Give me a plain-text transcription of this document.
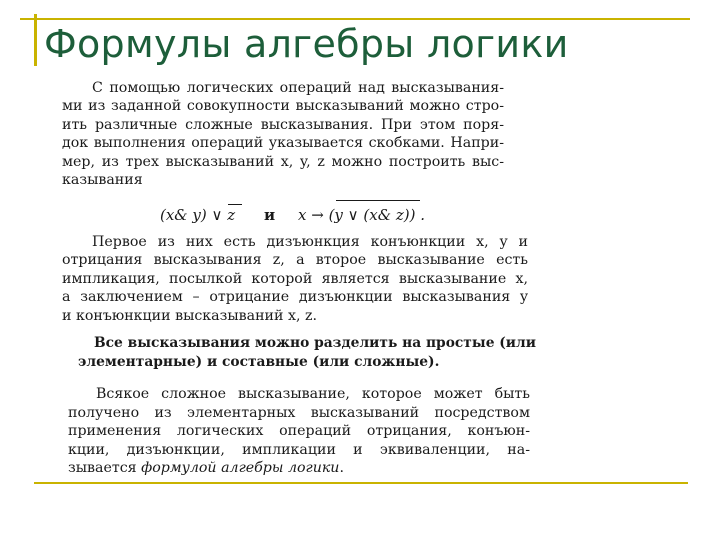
Формулы алгебры логики
С помощью логических операций над высказывания-
ми из заданной совокупности высказываний можно стро-
ить различные сложные высказывания. При этом поря-
док выполнения операций указывается скобками. Напри-
мер, из трех высказываний x, y, z можно построить выс-
казывания
(x& y) ∨ z и x → (y ∨ (x& z)) .
Первое из них есть дизъюнкция конъюнкции x, y и
отрицания высказывания z, а второе высказывание есть
импликация, посылкой которой является высказывание x,
а заключением – отрицание дизъюнкции высказывания y
и конъюнкции высказываний x, z.
Все высказывания можно разделить на простые (или
элементарные) и составные (или сложные).
Всякое сложное высказывание, которое может быть
получено из элементарных высказываний посредством
применения логических операций отрицания, конъюн-
кции, дизъюнкции, импликации и эквиваленции, на-
зывается формулой алгебры логики.
